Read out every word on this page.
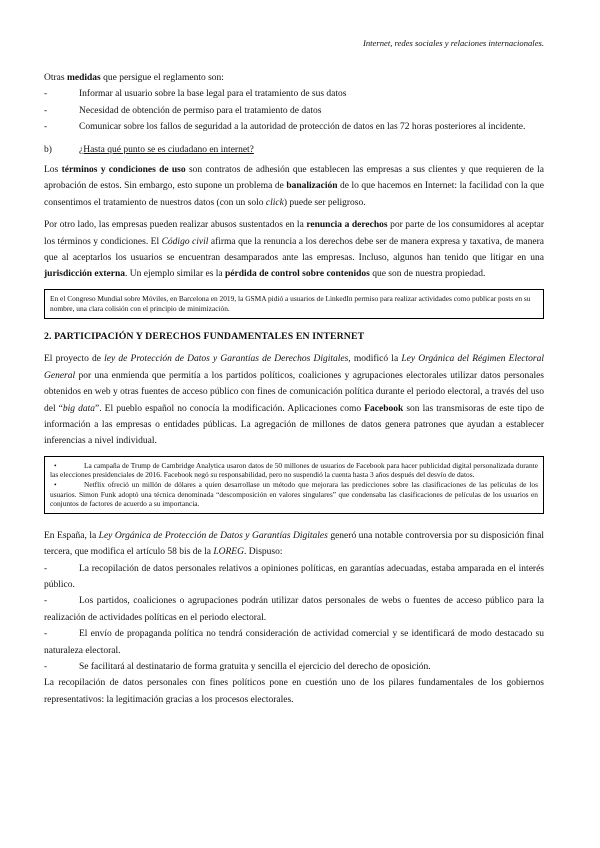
Internet, redes sociales y relaciones internacionales.

Otras medidas que persigue el reglamento son:

-	Informar al usuario sobre la base legal para el tratamiento de sus datos
-	Necesidad de obtención de permiso para el tratamiento de datos
-	Comunicar sobre los fallos de seguridad a la autoridad de protección de datos en las 72 horas posteriores al incidente.
b)	¿Hasta qué punto se es ciudadano en internet?

Los términos y condiciones de uso son contratos de adhesión que establecen las empresas a sus clientes y que requieren de la aprobación de estos. Sin embargo, esto supone un problema de banalización de lo que hacemos en Internet: la facilidad con la que consentimos el tratamiento de nuestros datos (con un solo click) puede ser peligroso.

Por otro lado, las empresas pueden realizar abusos sustentados en la renuncia a derechos por parte de los consumidores al aceptar los términos y condiciones. El Código civil afirma que la renuncia a los derechos debe ser de manera expresa y taxativa, de manera que al aceptarlos los usuarios se encuentran desamparados ante las empresas. Incluso, algunos han tenido que litigar en una jurisdicción externa. Un ejemplo similar es la pérdida de control sobre contenidos que son de nuestra propiedad.

En el Congreso Mundial sobre Móviles, en Barcelona en 2019, la GSMA pidió a usuarios de LinkedIn permiso para realizar actividades como publicar posts en su nombre, una clara colisión con el principio de minimización.
2. PARTICIPACIÓN Y DERECHOS FUNDAMENTALES EN INTERNET

El proyecto de ley de Protección de Datos y Garantías de Derechos Digitales, modificó la Ley Orgánica del Régimen Electoral General por una enmienda que permitía a los partidos políticos, coaliciones y agrupaciones electorales utilizar datos personales obtenidos en web y otras fuentes de acceso público con fines de comunicación política durante el periodo electoral, a través del uso del “big data”. El pueblo español no conocía la modificación. Aplicaciones como Facebook son las transmisoras de este tipo de información a las empresas o entidades públicas. La agregación de millones de datos genera patrones que ayudan a establecer inferencias a nivel individual.

•	La campaña de Trump de Cambridge Analytica usaron datos de 50 millones de usuarios de Facebook para hacer publicidad digital personalizada durante las elecciones presidenciales de 2016. Facebook negó su responsabilidad, pero no suspendió la cuenta hasta 3 años después del desvío de datos.
•	Netflix ofreció un millón de dólares a quien desarrollase un método que mejorara las predicciones sobre las clasificaciones de las películas de los usuarios. Simon Funk adoptó una técnica denominada “descomposición en valores singulares” que condensaba las clasificaciones de películas de los usuarios en conjuntos de factores de acuerdo a su importancia.

En España, la Ley Orgánica de Protección de Datos y Garantías Digitales generó una notable controversia por su disposición final tercera, que modifica el artículo 58 bis de la LOREG. Dispuso:

-	La recopilación de datos personales relativos a opiniones políticas, en garantías adecuadas, estaba amparada en el interés público.
-	Los partidos, coaliciones o agrupaciones podrán utilizar datos personales de webs o fuentes de acceso público para la realización de actividades políticas en el periodo electoral.
-	El envío de propaganda política no tendrá consideración de actividad comercial y se identificará de modo destacado su naturaleza electoral.
-	Se facilitará al destinatario de forma gratuita y sencilla el ejercicio del derecho de oposición.

La recopilación de datos personales con fines políticos pone en cuestión uno de los pilares fundamentales de los gobiernos representativos: la legitimación gracias a los procesos electorales.
